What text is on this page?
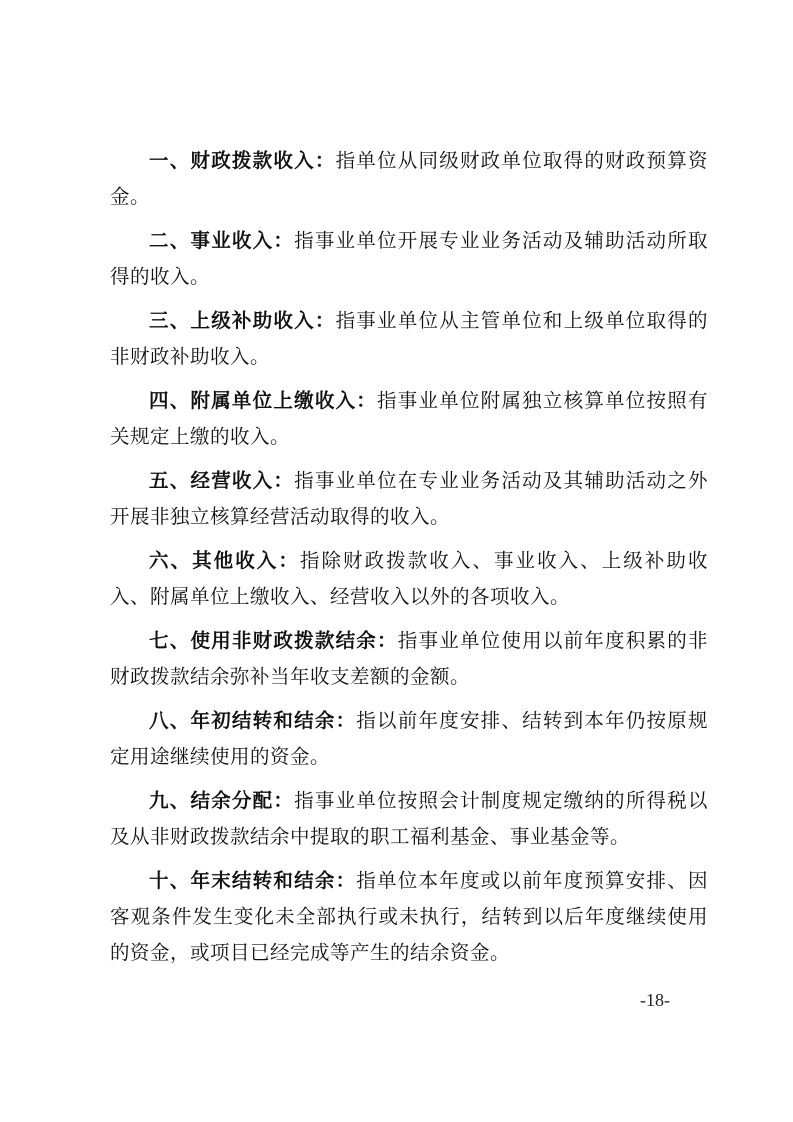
一、财政拨款收入：指单位从同级财政单位取得的财政预算资金。

二、事业收入：指事业单位开展专业业务活动及辅助活动所取得的收入。

三、上级补助收入：指事业单位从主管单位和上级单位取得的非财政补助收入。

四、附属单位上缴收入：指事业单位附属独立核算单位按照有关规定上缴的收入。

五、经营收入：指事业单位在专业业务活动及其辅助活动之外开展非独立核算经营活动取得的收入。

六、其他收入：指除财政拨款收入、事业收入、上级补助收入、附属单位上缴收入、经营收入以外的各项收入。

七、使用非财政拨款结余：指事业单位使用以前年度积累的非财政拨款结余弥补当年收支差额的金额。

八、年初结转和结余：指以前年度安排、结转到本年仍按原规定用途继续使用的资金。

九、结余分配：指事业单位按照会计制度规定缴纳的所得税以及从非财政拨款结余中提取的职工福利基金、事业基金等。

十、年末结转和结余：指单位本年度或以前年度预算安排、因客观条件发生变化未全部执行或未执行，结转到以后年度继续使用的资金，或项目已经完成等产生的结余资金。

-18-
